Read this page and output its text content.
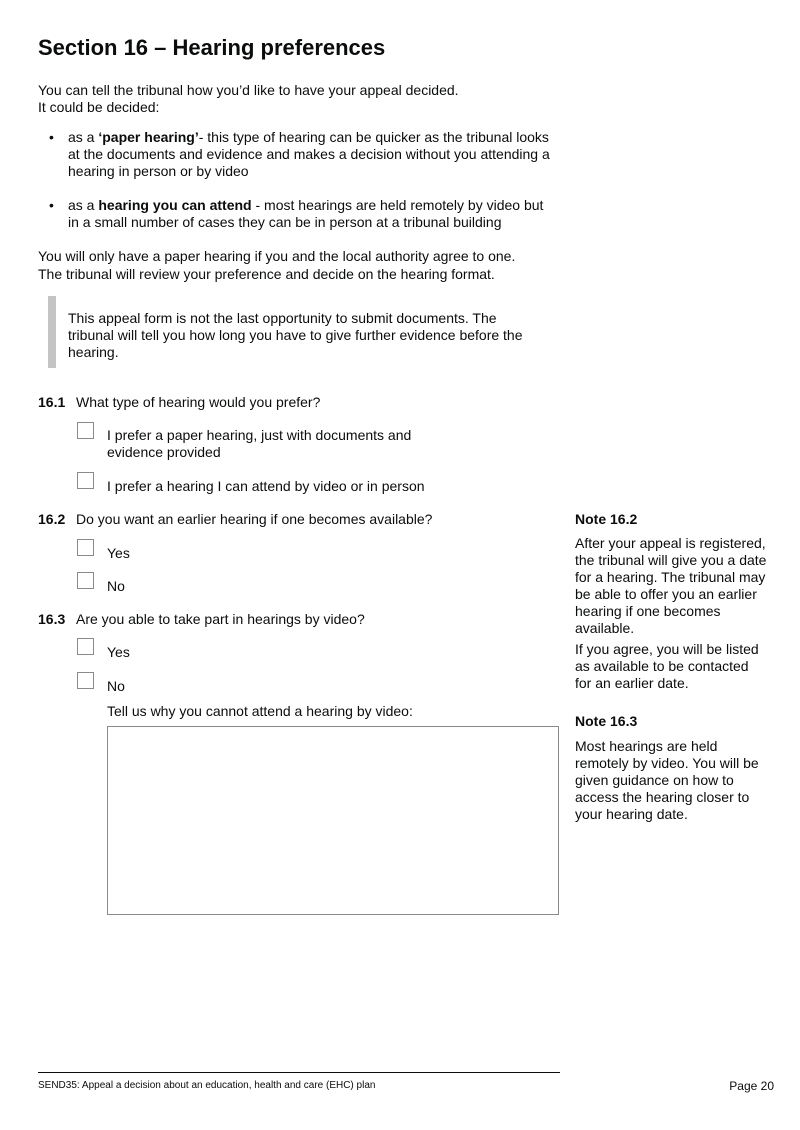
Section 16 – Hearing preferences

You can tell the tribunal how you’d like to have your appeal decided.

It could be decided:

• as a ‘paper hearing’- this type of hearing can be quicker as the tribunal looks at the documents and evidence and makes a decision without you attending a hearing in person or by video

• as a hearing you can attend - most hearings are held remotely by video but in a small number of cases they can be in person at a tribunal building

You will only have a paper hearing if you and the local authority agree to one.

The tribunal will review your preference and decide on the hearing format.

This appeal form is not the last opportunity to submit documents. The tribunal will tell you how long you have to give further evidence before the hearing.

16.1 What type of hearing would you prefer?
I prefer a paper hearing, just with documents and evidence provided
I prefer a hearing I can attend by video or in person
16.2 Do you want an earlier hearing if one becomes available?
Yes
No
16.3 Are you able to take part in hearings by video?
Yes
No
Tell us why you cannot attend a hearing by video:
Note 16.2

After your appeal is registered, the tribunal will give you a date for a hearing. The tribunal may be able to offer you an earlier hearing if one becomes available.

If you agree, you will be listed as available to be contacted for an earlier date.

Note 16.3

Most hearings are held remotely by video. You will be given guidance on how to access the hearing closer to your hearing date.

SEND35: Appeal a decision about an education, health and care (EHC) plan	Page 20
